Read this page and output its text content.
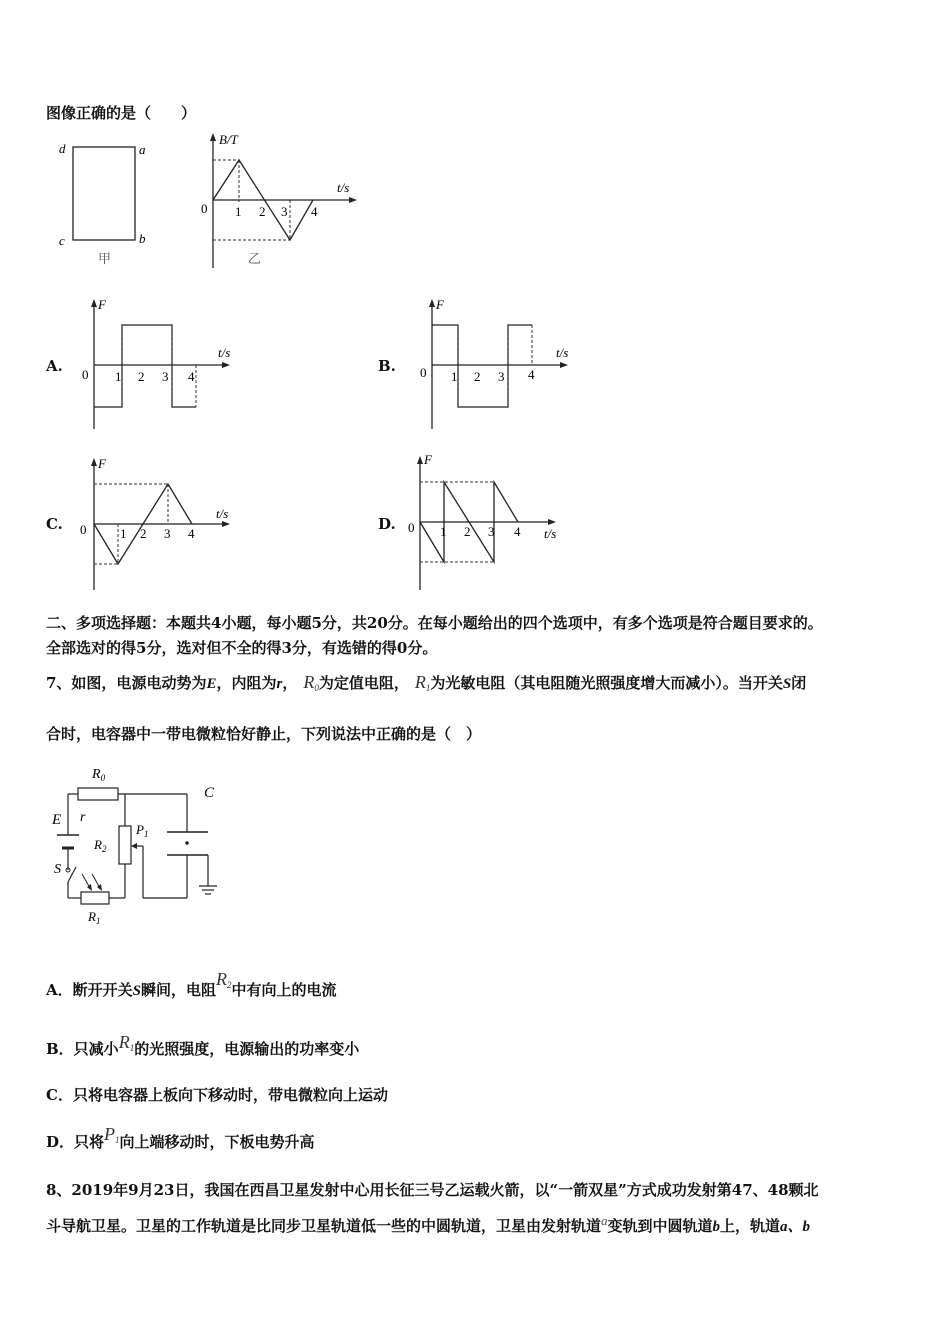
图像正确的是（　　）
d	a
c	b
甲
B/T
t/s
0 1 2 3 4
乙
A.
F
t/s
0 1 2 3 4
B.
F
t/s
0 1 2 3 4
C.
F
t/s
0	1 2 3 4
D.
F
t/s
0 1 2 3 4
二、多项选择题：本题共4小题，每小题5分，共20分。在每小题给出的四个选项中，有多个选项是符合题目要求的。
全部选对的得5分，选对但不全的得3分，有选错的得0分。
7、如图，电源电动势为E，内阻为r， $R_0$为定值电阻， $R_1$为光敏电阻（其电阻随光照强度增大而减小）。当开关S闭
合时，电容器中一带电微粒恰好静止，下列说法中正确的是（　）
$R_0$
C
E r
$P_1$
$R_2$
S
$R_1$
A．断开开关S瞬间，电阻$R_2$中有向上的电流
B．只减小$R_1$的光照强度，电源输出的功率变小
C．只将电容器上板向下移动时，带电微粒向上运动
D．只将$P_1$向上端移动时，下板电势升高
8、2019年9月23日，我国在西昌卫星发射中心用长征三号乙运载火箭，以“一箭双星”方式成功发射第47、48颗北
斗导航卫星。卫星的工作轨道是比同步卫星轨道低一些的中圆轨道，卫星由发射轨道a变轨到中圆轨道b上，轨道a、b
